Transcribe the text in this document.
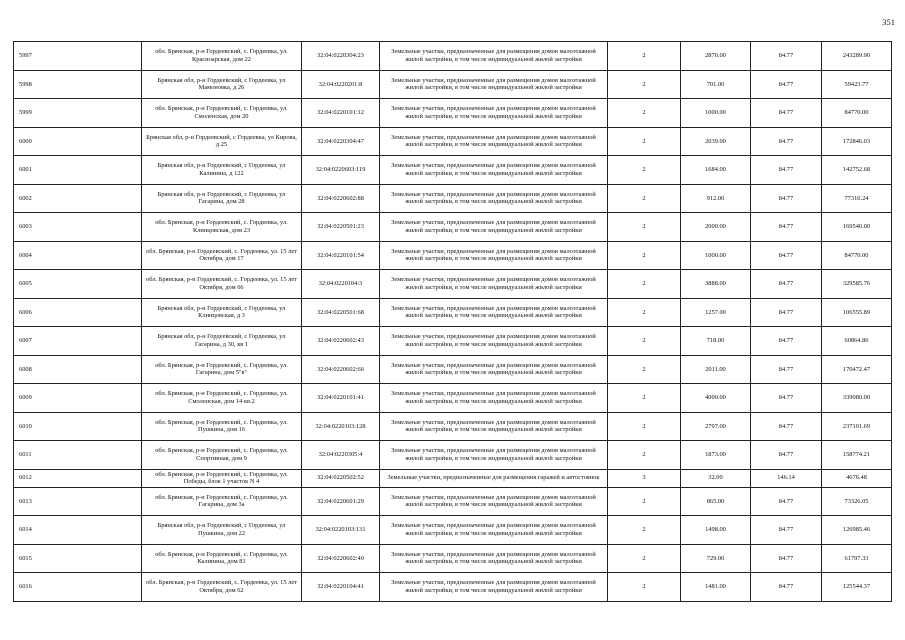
351
5997	обл. Брянская, р-н Гордеевский, с. Гордеевка, ул. Красноарская, дом 22	32:04:0220304:23	Земельные участки, предназначенные для размещения домов малоэтажной жилой застройки, в том числе индивидуальной жилой застройки	2	2870.00	84.77	243289.90
5998	Брянская обл, р-н Гордеевский, с Гордеевка, ул Мамоновка, д 26	32:04:0220201:8	Земельные участки, предназначенные для размещения домов малоэтажной жилой застройки, в том числе индивидуальной жилой застройки	2	701.00	84.77	59423.77
5999	обл. Брянская, р-н Гордеевский, с. Гордеевка, ул. Смоленская, дом 20	32:04:0220101:12	Земельные участки, предназначенные для размещения домов малоэтажной жилой застройки, в том числе индивидуальной жилой застройки	2	1000.00	84.77	84770.00
6000	Брянская обл, р-н Гордеевский, с Гордеевка, ул Кирова, д 25	32:04:0220304:47	Земельные участки, предназначенные для размещения домов малоэтажной жилой застройки, в том числе индивидуальной жилой застройки	2	2039.00	84.77	172846.03
6001	Брянская обл, р-н Гордеевский, с Гордеевка, ул Калинина, д 122	32:04:0220603:119	Земельные участки, предназначенные для размещения домов малоэтажной жилой застройки, в том числе индивидуальной жилой застройки	2	1684.00	84.77	142752.68
6002	Брянская обл, р-н Гордеевский, с Гордеевка, ул Гагарина, дом 28	32:04:0220602:88	Земельные участки, предназначенные для размещения домов малоэтажной жилой застройки, в том числе индивидуальной жилой застройки	2	912.00	84.77	77310.24
6003	обл. Брянская, р-н Гордеевский, с. Гордеевка, ул. Клинцовская, дом 23	32:04:0220501:23	Земельные участки, предназначенные для размещения домов малоэтажной жилой застройки, в том числе индивидуальной жилой застройки	2	2000.00	84.77	169540.00
6004	обл. Брянская, р-н Гордеевский, с. Гордеевка, ул. 15 лет Октября, дом 17	32:04:0220101:54	Земельные участки, предназначенные для размещения домов малоэтажной жилой застройки, в том числе индивидуальной жилой застройки	2	1000.00	84.77	84770.00
6005	обл. Брянская, р-н Гордеевский, с. Гордеевка, ул. 15 лет Октября, дом 66	32:04:0220104:3	Земельные участки, предназначенные для размещения домов малоэтажной жилой застройки, в том числе индивидуальной жилой застройки	2	3888.00	84.77	329585.76
6006	Брянская обл, р-н Гордеевский, с Гордеевка, ул Клинцовская, д 3	32:04:0220501:68	Земельные участки, предназначенные для размещения домов малоэтажной жилой застройки, в том числе индивидуальной жилой застройки	2	1257.00	84.77	106555.89
6007	Брянская обл, р-н Гордеевский, с Гордеевка, ул Гагарина, д 30, кв 1	32:04:0220602:43	Земельные участки, предназначенные для размещения домов малоэтажной жилой застройки, в том числе индивидуальной жилой застройки	2	718.00	84.77	60864.86
6008	обл. Брянская, р-н Гордеевский, с. Гордеевка, ул. Гагарина, дом 5"в"	32:04:0220602:66	Земельные участки, предназначенные для размещения домов малоэтажной жилой застройки, в том числе индивидуальной жилой застройки	2	2011.00	84.77	170472.47
6009	обл. Брянская, р-н Гордеевский, с. Гордеевка, ул. Смоленская, дом 14 кв.2	32:04:0220101:41	Земельные участки, предназначенные для размещения домов малоэтажной жилой застройки, в том числе индивидуальной жилой застройки	2	4000.00	84.77	339080.00
6010	обл. Брянская, р-н Гордеевский, с. Гордеевка, ул. Пушкина, дом 16	32:04:0220103:128	Земельные участки, предназначенные для размещения домов малоэтажной жилой застройки, в том числе индивидуальной жилой застройки	2	2797.00	84.77	237101.69
6011	обл. Брянская, р-н Гордеевский, с. Гордеевка, ул. Спортивная, дом 9	32:04:0220305:4	Земельные участки, предназначенные для размещения домов малоэтажной жилой застройки, в том числе индивидуальной жилой застройки	2	1873.00	84.77	158774.21
6012	обл. Брянская, р-н Гордеевский, с. Гордеевка, ул. Победы, блок 1 участок N 4	32:04:0220502:52	Земельные участки, предназначенные для размещения гаражей и автостоянок	3	32.00	146.14	4676.48
6013	обл. Брянская, р-н Гордеевский, с. Гордеевка, ул. Гагарина, дом 3а	32:04:0220601:29	Земельные участки, предназначенные для размещения домов малоэтажной жилой застройки, в том числе индивидуальной жилой застройки	2	865.00	84.77	73326.05
6014	Брянская обл, р-н Гордеевский, с Гордеевка, ул Пушкина, дом 22	32:04:0220103:131	Земельные участки, предназначенные для размещения домов малоэтажной жилой застройки, в том числе индивидуальной жилой застройки	2	1498.00	84.77	126985.46
6015	обл. Брянская, р-н Гордеевский, с. Гордеевка, ул. Калинина, дом 81	32:04:0220602:40	Земельные участки, предназначенные для размещения домов малоэтажной жилой застройки, в том числе индивидуальной жилой застройки	2	729.00	84.77	61797.33
6016	обл. Брянская, р-н Гордеевский, с. Гордеевка, ул. 15 лет Октября, дом 62	32:04:0220104:41	Земельные участки, предназначенные для размещения домов малоэтажной жилой застройки, в том числе индивидуальной жилой застройки	2	1481.00	84.77	125544.37
